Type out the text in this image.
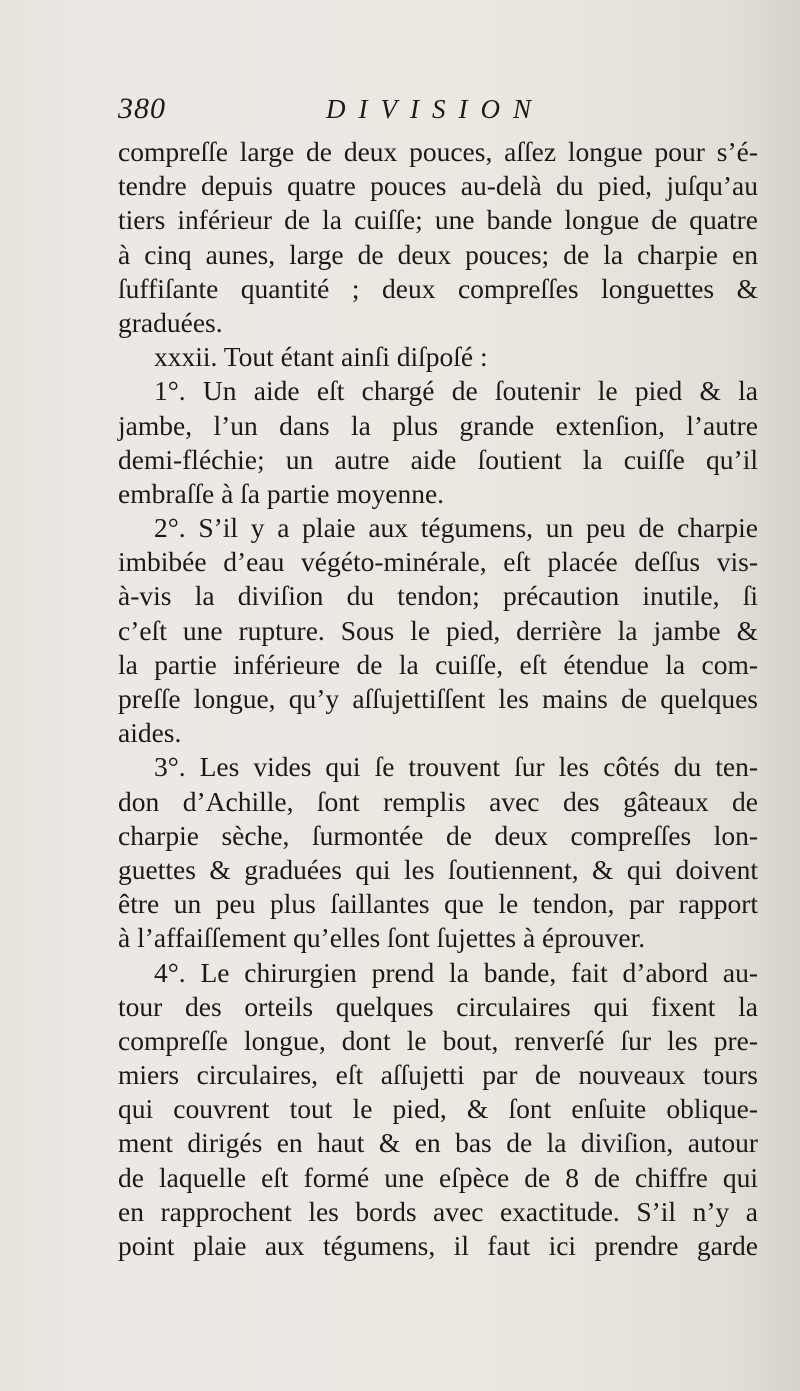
380	DIVISION
compreſſe large de deux pouces, aſſez longue pour s’é-
tendre depuis quatre pouces au-delà du pied, juſqu’au
tiers inférieur de la cuiſſe; une bande longue de quatre
à cinq aunes, large de deux pouces; de la charpie en
ſuffiſante quantité ; deux compreſſes longuettes &
graduées.
xxxii. Tout étant ainſi diſpoſé :
1°. Un aide eſt chargé de ſoutenir le pied & la
jambe, l’un dans la plus grande extenſion, l’autre
demi-fléchie; un autre aide ſoutient la cuiſſe qu’il
embraſſe à ſa partie moyenne.
2°. S’il y a plaie aux tégumens, un peu de charpie
imbibée d’eau végéto-minérale, eſt placée deſſus vis-
à-vis la diviſion du tendon; précaution inutile, ſi
c’eſt une rupture. Sous le pied, derrière la jambe &
la partie inférieure de la cuiſſe, eſt étendue la com-
preſſe longue, qu’y aſſujettiſſent les mains de quelques
aides.
3°. Les vides qui ſe trouvent ſur les côtés du ten-
don d’Achille, ſont remplis avec des gâteaux de
charpie sèche, ſurmontée de deux compreſſes lon-
guettes & graduées qui les ſoutiennent, & qui doivent
être un peu plus ſaillantes que le tendon, par rapport
à l’affaiſſement qu’elles ſont ſujettes à éprouver.
4°. Le chirurgien prend la bande, fait d’abord au-
tour des orteils quelques circulaires qui fixent la
compreſſe longue, dont le bout, renverſé ſur les pre-
miers circulaires, eſt aſſujetti par de nouveaux tours
qui couvrent tout le pied, & ſont enſuite oblique-
ment dirigés en haut & en bas de la diviſion, autour
de laquelle eſt formé une eſpèce de 8 de chiffre qui
en rapprochent les bords avec exactitude. S’il n’y a
point plaie aux tégumens, il faut ici prendre garde
